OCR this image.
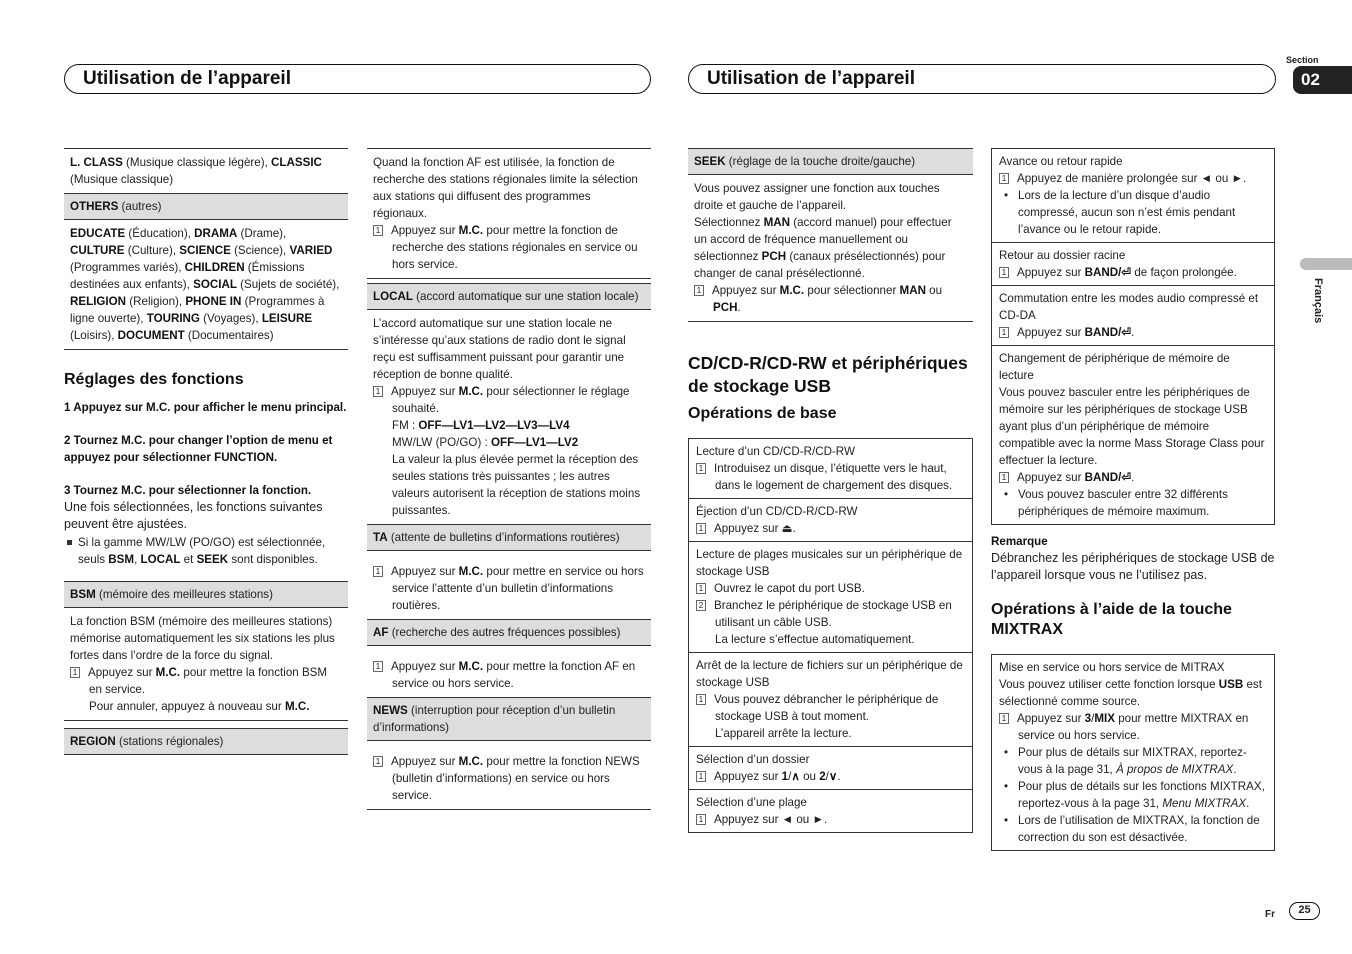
Utilisation de l’appareil	Utilisation de l’appareil
Section
02
Français
L. CLASS (Musique classique légère), CLASSIC (Musique classique)
OTHERS (autres)
EDUCATE (Éducation), DRAMA (Drame), CULTURE (Culture), SCIENCE (Science), VARIED (Programmes variés), CHILDREN (Émissions destinées aux enfants), SOCIAL (Sujets de société), RELIGION (Religion), PHONE IN (Programmes à ligne ouverte), TOURING (Voyages), LEISURE (Loisirs), DOCUMENT (Documentaires)
Réglages des fonctions
1 Appuyez sur M.C. pour afficher le menu principal.
2 Tournez M.C. pour changer l’option de menu et appuyez pour sélectionner FUNCTION.
3 Tournez M.C. pour sélectionner la fonction.
Une fois sélectionnées, les fonctions suivantes peuvent être ajustées.
Si la gamme MW/LW (PO/GO) est sélectionnée, seuls BSM, LOCAL et SEEK sont disponibles.
BSM (mémoire des meilleures stations)
La fonction BSM (mémoire des meilleures stations) mémorise automatiquement les six stations les plus fortes dans l’ordre de la force du signal.
1 Appuyez sur M.C. pour mettre la fonction BSM en service.
Pour annuler, appuyez à nouveau sur M.C.
REGION (stations régionales)
Quand la fonction AF est utilisée, la fonction de recherche des stations régionales limite la sélection aux stations qui diffusent des programmes régionaux.
1 Appuyez sur M.C. pour mettre la fonction de recherche des stations régionales en service ou hors service.
LOCAL (accord automatique sur une station locale)
L’accord automatique sur une station locale ne s’intéresse qu’aux stations de radio dont le signal reçu est suffisamment puissant pour garantir une réception de bonne qualité.
1 Appuyez sur M.C. pour sélectionner le réglage souhaité.
FM : OFF—LV1—LV2—LV3—LV4
MW/LW (PO/GO) : OFF—LV1—LV2
La valeur la plus élevée permet la réception des seules stations très puissantes ; les autres valeurs autorisent la réception de stations moins puissantes.
TA (attente de bulletins d’informations routières)
1 Appuyez sur M.C. pour mettre en service ou hors service l’attente d’un bulletin d’informations routières.
AF (recherche des autres fréquences possibles)
1 Appuyez sur M.C. pour mettre la fonction AF en service ou hors service.
NEWS (interruption pour réception d’un bulletin d’informations)
1 Appuyez sur M.C. pour mettre la fonction NEWS (bulletin d’informations) en service ou hors service.
SEEK (réglage de la touche droite/gauche)
Vous pouvez assigner une fonction aux touches droite et gauche de l’appareil.
Sélectionnez MAN (accord manuel) pour effectuer un accord de fréquence manuellement ou sélectionnez PCH (canaux présélectionnés) pour changer de canal présélectionné.
1 Appuyez sur M.C. pour sélectionner MAN ou PCH.
CD/CD-R/CD-RW et périphériques de stockage USB
Opérations de base
Lecture d’un CD/CD-R/CD-RW
1 Introduisez un disque, l’étiquette vers le haut, dans le logement de chargement des disques.
Éjection d’un CD/CD-R/CD-RW
1 Appuyez sur ⏏.
Lecture de plages musicales sur un périphérique de stockage USB
1 Ouvrez le capot du port USB.
2 Branchez le périphérique de stockage USB en utilisant un câble USB.
La lecture s’effectue automatiquement.
Arrêt de la lecture de fichiers sur un périphérique de stockage USB
1 Vous pouvez débrancher le périphérique de stockage USB à tout moment.
L’appareil arrête la lecture.
Sélection d’un dossier
1 Appuyez sur 1/∧ ou 2/∨.
Sélection d’une plage
1 Appuyez sur ◄ ou ►.
Avance ou retour rapide
1 Appuyez de manière prolongée sur ◄ ou ►.
• Lors de la lecture d’un disque d’audio compressé, aucun son n’est émis pendant l’avance ou le retour rapide.
Retour au dossier racine
1 Appuyez sur BAND/⏎ de façon prolongée.
Commutation entre les modes audio compressé et CD-DA
1 Appuyez sur BAND/⏎.
Changement de périphérique de mémoire de lecture
Vous pouvez basculer entre les périphériques de mémoire sur les périphériques de stockage USB ayant plus d’un périphérique de mémoire compatible avec la norme Mass Storage Class pour effectuer la lecture.
1 Appuyez sur BAND/⏎.
• Vous pouvez basculer entre 32 différents périphériques de mémoire maximum.
Remarque
Débranchez les périphériques de stockage USB de l’appareil lorsque vous ne l’utilisez pas.
Opérations à l’aide de la touche MIXTRAX
Mise en service ou hors service de MITRAX
Vous pouvez utiliser cette fonction lorsque USB est sélectionné comme source.
1 Appuyez sur 3/MIX pour mettre MIXTRAX en service ou hors service.
• Pour plus de détails sur MIXTRAX, reportez-vous à la page 31, À propos de MIXTRAX.
• Pour plus de détails sur les fonctions MIXTRAX, reportez-vous à la page 31, Menu MIXTRAX.
• Lors de l’utilisation de MIXTRAX, la fonction de correction du son est désactivée.
Fr	25
